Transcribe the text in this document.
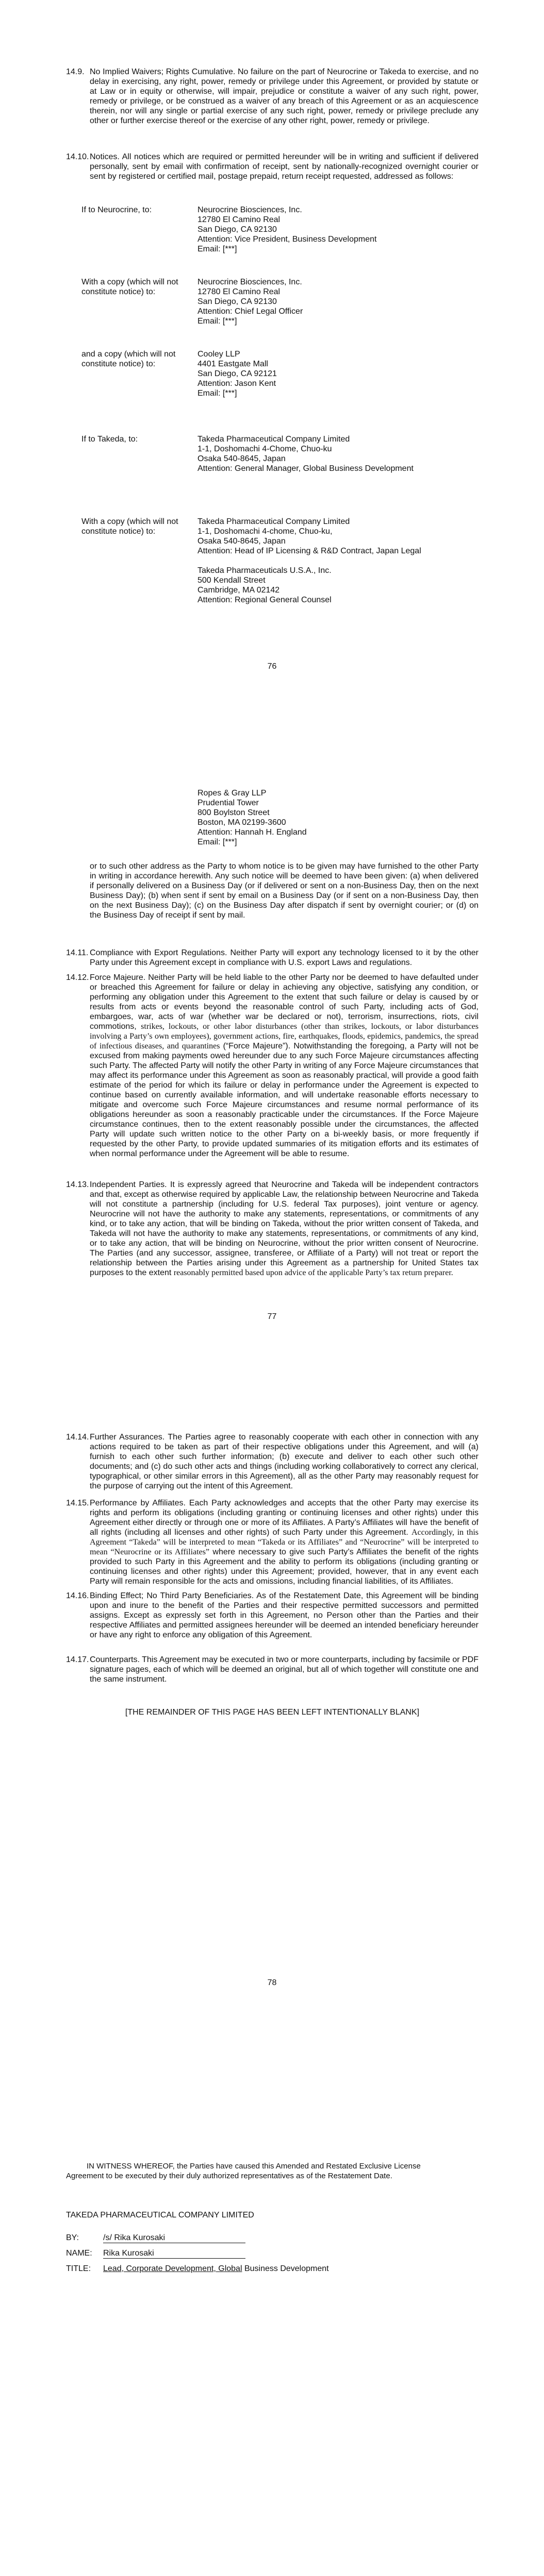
14.9. No Implied Waivers; Rights Cumulative. No failure on the part of Neurocrine or Takeda to exercise, and no delay in exercising, any right, power, remedy or privilege under this Agreement, or provided by statute or at Law or in equity or otherwise, will impair, prejudice or constitute a waiver of any such right, power, remedy or privilege, or be construed as a waiver of any breach of this Agreement or as an acquiescence therein, nor will any single or partial exercise of any such right, power, remedy or privilege preclude any other or further exercise thereof or the exercise of any other right, power, remedy or privilege.
14.10. Notices. All notices which are required or permitted hereunder will be in writing and sufficient if delivered personally, sent by email with confirmation of receipt, sent by nationally-recognized overnight courier or sent by registered or certified mail, postage prepaid, return receipt requested, addressed as follows:
If to Neurocrine, to:	Neurocrine Biosciences, Inc.
12780 El Camino Real
San Diego, CA 92130
Attention: Vice President, Business Development
Email: [***]
With a copy (which will not constitute notice) to:
Neurocrine Biosciences, Inc.
12780 El Camino Real
San Diego, CA 92130
Attention: Chief Legal Officer
Email: [***]
and a copy (which will not constitute notice) to:
Cooley LLP
4401 Eastgate Mall
San Diego, CA 92121
Attention: Jason Kent
Email: [***]
If to Takeda, to:	Takeda Pharmaceutical Company Limited
1-1, Doshomachi 4-Chome, Chuo-ku
Osaka 540-8645, Japan
Attention: General Manager, Global Business Development
With a copy (which will not constitute notice) to:
Takeda Pharmaceutical Company Limited
1-1, Doshomachi 4-chome, Chuo-ku,
Osaka 540-8645, Japan
Attention: Head of IP Licensing & R&D Contract, Japan Legal
Takeda Pharmaceuticals U.S.A., Inc.
500 Kendall Street
Cambridge, MA 02142
Attention: Regional General Counsel
76
Ropes & Gray LLP
Prudential Tower
800 Boylston Street
Boston, MA 02199-3600
Attention: Hannah H. England
Email: [***]
or to such other address as the Party to whom notice is to be given may have furnished to the other Party in writing in accordance herewith. Any such notice will be deemed to have been given: (a) when delivered if personally delivered on a Business Day (or if delivered or sent on a non-Business Day, then on the next Business Day); (b) when sent if sent by email on a Business Day (or if sent on a non-Business Day, then on the next Business Day); (c) on the Business Day after dispatch if sent by overnight courier; or (d) on the Business Day of receipt if sent by mail.
14.11. Compliance with Export Regulations. Neither Party will export any technology licensed to it by the other Party under this Agreement except in compliance with U.S. export Laws and regulations.
14.12. Force Majeure. Neither Party will be held liable to the other Party nor be deemed to have defaulted under or breached this Agreement for failure or delay in achieving any objective, satisfying any condition, or performing any obligation under this Agreement to the extent that such failure or delay is caused by or results from acts or events beyond the reasonable control of such Party, including acts of God, embargoes, war, acts of war (whether war be declared or not), terrorism, insurrections, riots, civil commotions, strikes, lockouts, or other labor disturbances (other than strikes, lockouts, or labor disturbances involving a Party’s own employees), government actions, fire, earthquakes, floods, epidemics, pandemics, the spread of infectious diseases, and quarantines (“Force Majeure”). Notwithstanding the foregoing, a Party will not be excused from making payments owed hereunder due to any such Force Majeure circumstances affecting such Party. The affected Party will notify the other Party in writing of any Force Majeure circumstances that may affect its performance under this Agreement as soon as reasonably practical, will provide a good faith estimate of the period for which its failure or delay in performance under the Agreement is expected to continue based on currently available information, and will undertake reasonable efforts necessary to mitigate and overcome such Force Majeure circumstances and resume normal performance of its obligations hereunder as soon a reasonably practicable under the circumstances. If the Force Majeure circumstance continues, then to the extent reasonably possible under the circumstances, the affected Party will update such written notice to the other Party on a bi-weekly basis, or more frequently if requested by the other Party, to provide updated summaries of its mitigation efforts and its estimates of when normal performance under the Agreement will be able to resume.
14.13. Independent Parties. It is expressly agreed that Neurocrine and Takeda will be independent contractors and that, except as otherwise required by applicable Law, the relationship between Neurocrine and Takeda will not constitute a partnership (including for U.S. federal Tax purposes), joint venture or agency. Neurocrine will not have the authority to make any statements, representations, or commitments of any kind, or to take any action, that will be binding on Takeda, without the prior written consent of Takeda, and Takeda will not have the authority to make any statements, representations, or commitments of any kind, or to take any action, that will be binding on Neurocrine, without the prior written consent of Neurocrine. The Parties (and any successor, assignee, transferee, or Affiliate of a Party) will not treat or report the relationship between the Parties arising under this Agreement as a partnership for United States tax purposes to the extent reasonably permitted based upon advice of the applicable Party’s tax return preparer.
77
14.14. Further Assurances. The Parties agree to reasonably cooperate with each other in connection with any actions required to be taken as part of their respective obligations under this Agreement, and will (a) furnish to each other such further information; (b) execute and deliver to each other such other documents; and (c) do such other acts and things (including working collaboratively to correct any clerical, typographical, or other similar errors in this Agreement), all as the other Party may reasonably request for the purpose of carrying out the intent of this Agreement.
14.15. Performance by Affiliates. Each Party acknowledges and accepts that the other Party may exercise its rights and perform its obligations (including granting or continuing licenses and other rights) under this Agreement either directly or through one or more of its Affiliates. A Party’s Affiliates will have the benefit of all rights (including all licenses and other rights) of such Party under this Agreement. Accordingly, in this Agreement “Takeda” will be interpreted to mean “Takeda or its Affiliates” and “Neurocrine” will be interpreted to mean “Neurocrine or its Affiliates” where necessary to give such Party’s Affiliates the benefit of the rights provided to such Party in this Agreement and the ability to perform its obligations (including granting or continuing licenses and other rights) under this Agreement; provided, however, that in any event each Party will remain responsible for the acts and omissions, including financial liabilities, of its Affiliates.
14.16. Binding Effect; No Third Party Beneficiaries. As of the Restatement Date, this Agreement will be binding upon and inure to the benefit of the Parties and their respective permitted successors and permitted assigns. Except as expressly set forth in this Agreement, no Person other than the Parties and their respective Affiliates and permitted assignees hereunder will be deemed an intended beneficiary hereunder or have any right to enforce any obligation of this Agreement.
14.17. Counterparts. This Agreement may be executed in two or more counterparts, including by facsimile or PDF signature pages, each of which will be deemed an original, but all of which together will constitute one and the same instrument.
[THE REMAINDER OF THIS PAGE HAS BEEN LEFT INTENTIONALLY BLANK]
78
IN WITNESS WHEREOF, the Parties have caused this Amended and Restated Exclusive License Agreement to be executed by their duly authorized representatives as of the Restatement Date.
TAKEDA PHARMACEUTICAL COMPANY LIMITED
BY:	/s/ Rika Kurosaki
NAME: Rika Kurosaki
TITLE: Lead, Corporate Development, Global Business Development
